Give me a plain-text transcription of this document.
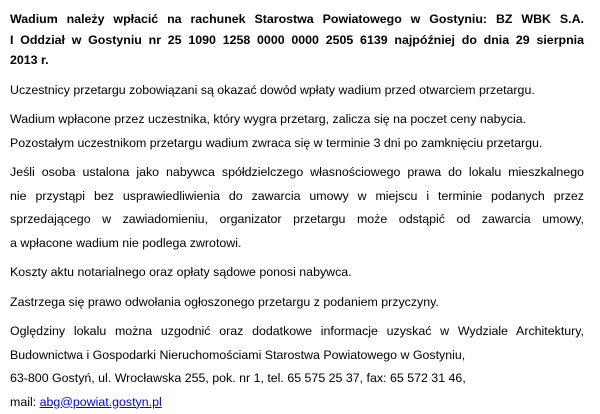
Wadium należy wpłacić na rachunek Starostwa Powiatowego w Gostyniu: BZ WBK S.A.
I Oddział w Gostyniu nr 25 1090 1258 0000 0000 2505 6139 najpóźniej do dnia 29 sierpnia
2013 r.

Uczestnicy przetargu zobowiązani są okazać dowód wpłaty wadium przed otwarciem przetargu.

Wadium wpłacone przez uczestnika, który wygra przetarg, zalicza się na poczet ceny nabycia.
Pozostałym uczestnikom przetargu wadium zwraca się w terminie 3 dni po zamknięciu przetargu.

Jeśli osoba ustalona jako nabywca spółdzielczego własnościowego prawa do lokalu mieszkalnego
nie przystąpi bez usprawiedliwienia do zawarcia umowy w miejscu i terminie podanych przez
sprzedającego w zawiadomieniu, organizator przetargu może odstąpić od zawarcia umowy,
a wpłacone wadium nie podlega zwrotowi.

Koszty aktu notarialnego oraz opłaty sądowe ponosi nabywca.

Zastrzega się prawo odwołania ogłoszonego przetargu z podaniem przyczyny.

Oględziny lokalu można uzgodnić oraz dodatkowe informacje uzyskać w Wydziale Architektury,
Budownictwa i Gospodarki Nieruchomościami Starostwa Powiatowego w Gostyniu,
63-800 Gostyń, ul. Wrocławska 255, pok. nr 1, tel. 65 575 25 37, fax: 65 572 31 46,
mail: abg@powiat.gostyn.pl
